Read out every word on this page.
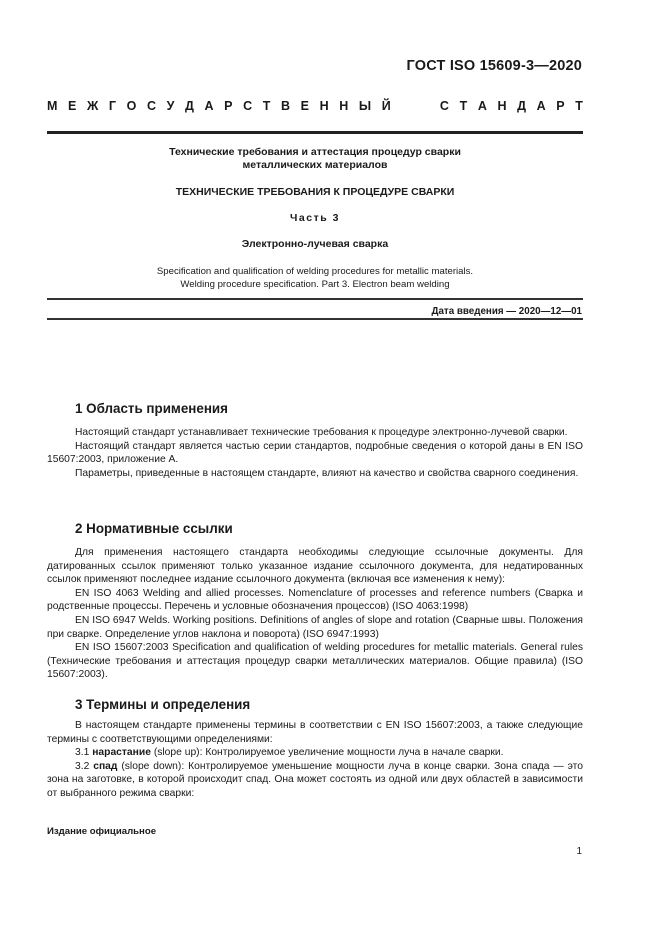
ГОСТ ISO 15609-3—2020
М Е Ж Г О С У Д А Р С Т В Е Н Н Ы Й	С Т А Н Д А Р Т
Технические требования и аттестация процедур сварки
металлических материалов
ТЕХНИЧЕСКИЕ ТРЕБОВАНИЯ К ПРОЦЕДУРЕ СВАРКИ
Часть 3
Электронно-лучевая сварка
Specification and qualification of welding procedures for metallic materials.
Welding procedure specification. Part 3. Electron beam welding
Дата введения — 2020—12—01
1 Область применения

Настоящий стандарт устанавливает технические требования к процедуре электронно-лучевой сварки.

Настоящий стандарт является частью серии стандартов, подробные сведения о которой даны в EN ISO 15607:2003, приложение А.

Параметры, приведенные в настоящем стандарте, влияют на качество и свойства сварного соединения.

2 Нормативные ссылки

Для применения настоящего стандарта необходимы следующие ссылочные документы. Для датированных ссылок применяют только указанное издание ссылочного документа, для недатированных ссылок применяют последнее издание ссылочного документа (включая все изменения к нему):

EN ISO 4063 Welding and allied processes. Nomenclature of processes and reference numbers (Сварка и родственные процессы. Перечень и условные обозначения процессов) (ISO 4063:1998)

EN ISO 6947 Welds. Working positions. Definitions of angles of slope and rotation (Сварные швы. Положения при сварке. Определение углов наклона и поворота) (ISO 6947:1993)

EN ISO 15607:2003 Specification and qualification of welding procedures for metallic materials. General rules (Технические требования и аттестация процедур сварки металлических материалов. Общие правила) (ISO 15607:2003).

3 Термины и определения

В настоящем стандарте применены термины в соответствии с EN ISO 15607:2003, а также следующие термины с соответствующими определениями:

3.1 нарастание (slope up): Контролируемое увеличение мощности луча в начале сварки.

3.2 спад (slope down): Контролируемое уменьшение мощности луча в конце сварки. Зона спада — это зона на заготовке, в которой происходит спад. Она может состоять из одной или двух областей в зависимости от выбранного режима сварки:

Издание официальное
1
